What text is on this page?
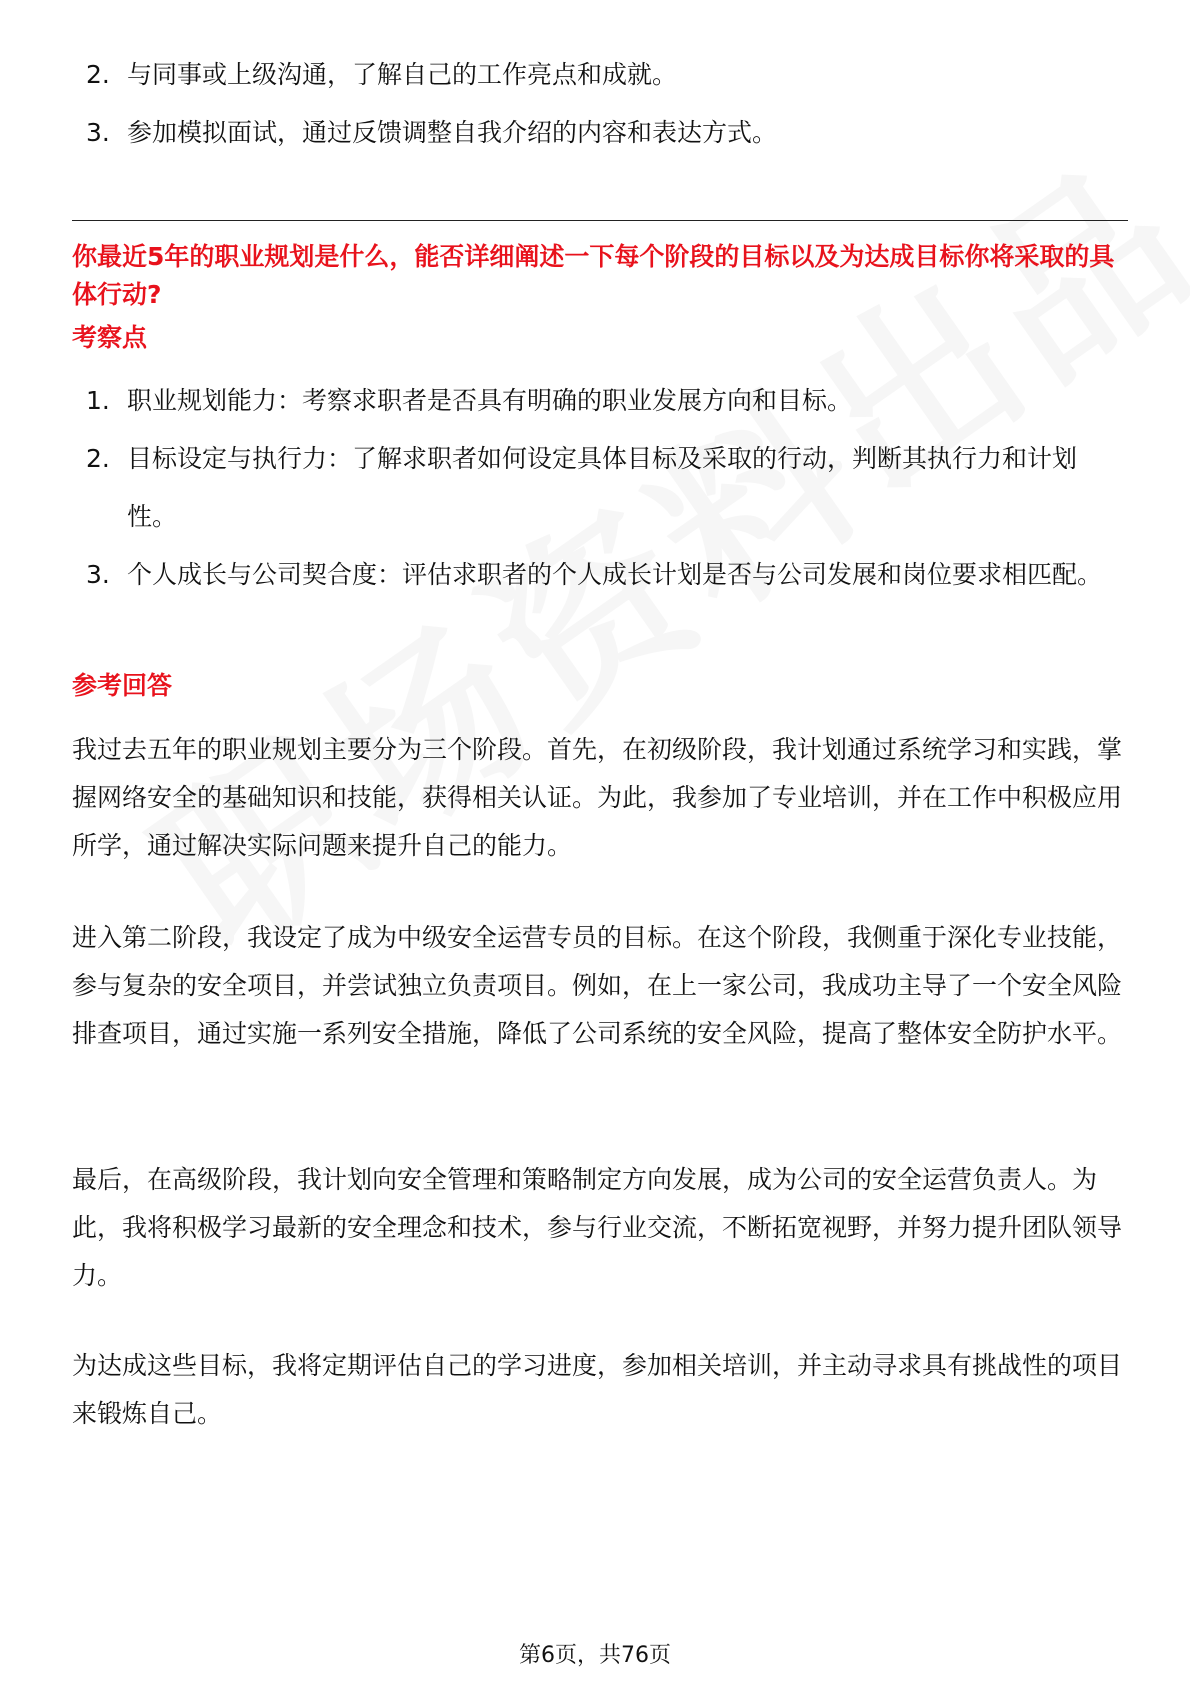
2. 与同事或上级沟通，了解自己的工作亮点和成就。
3. 参加模拟面试，通过反馈调整自我介绍的内容和表达方式。

你最近5年的职业规划是什么，能否详细阐述一下每个阶段的目标以及为达成目标你将采取的具体行动?

考察点

1. 职业规划能力：考察求职者是否具有明确的职业发展方向和目标。
2. 目标设定与执行力：了解求职者如何设定具体目标及采取的行动，判断其执行力和计划性。
3. 个人成长与公司契合度：评估求职者的个人成长计划是否与公司发展和岗位要求相匹配。

参考回答

我过去五年的职业规划主要分为三个阶段。首先，在初级阶段，我计划通过系统学习和实践，掌握网络安全的基础知识和技能，获得相关认证。为此，我参加了专业培训，并在工作中积极应用所学，通过解决实际问题来提升自己的能力。

进入第二阶段，我设定了成为中级安全运营专员的目标。在这个阶段，我侧重于深化专业技能，参与复杂的安全项目，并尝试独立负责项目。例如，在上一家公司，我成功主导了一个安全风险排查项目，通过实施一系列安全措施，降低了公司系统的安全风险，提高了整体安全防护水平。

最后，在高级阶段，我计划向安全管理和策略制定方向发展，成为公司的安全运营负责人。为此，我将积极学习最新的安全理念和技术，参与行业交流，不断拓宽视野，并努力提升团队领导力。

为达成这些目标，我将定期评估自己的学习进度，参加相关培训，并主动寻求具有挑战性的项目来锻炼自己。

第6页，共76页
